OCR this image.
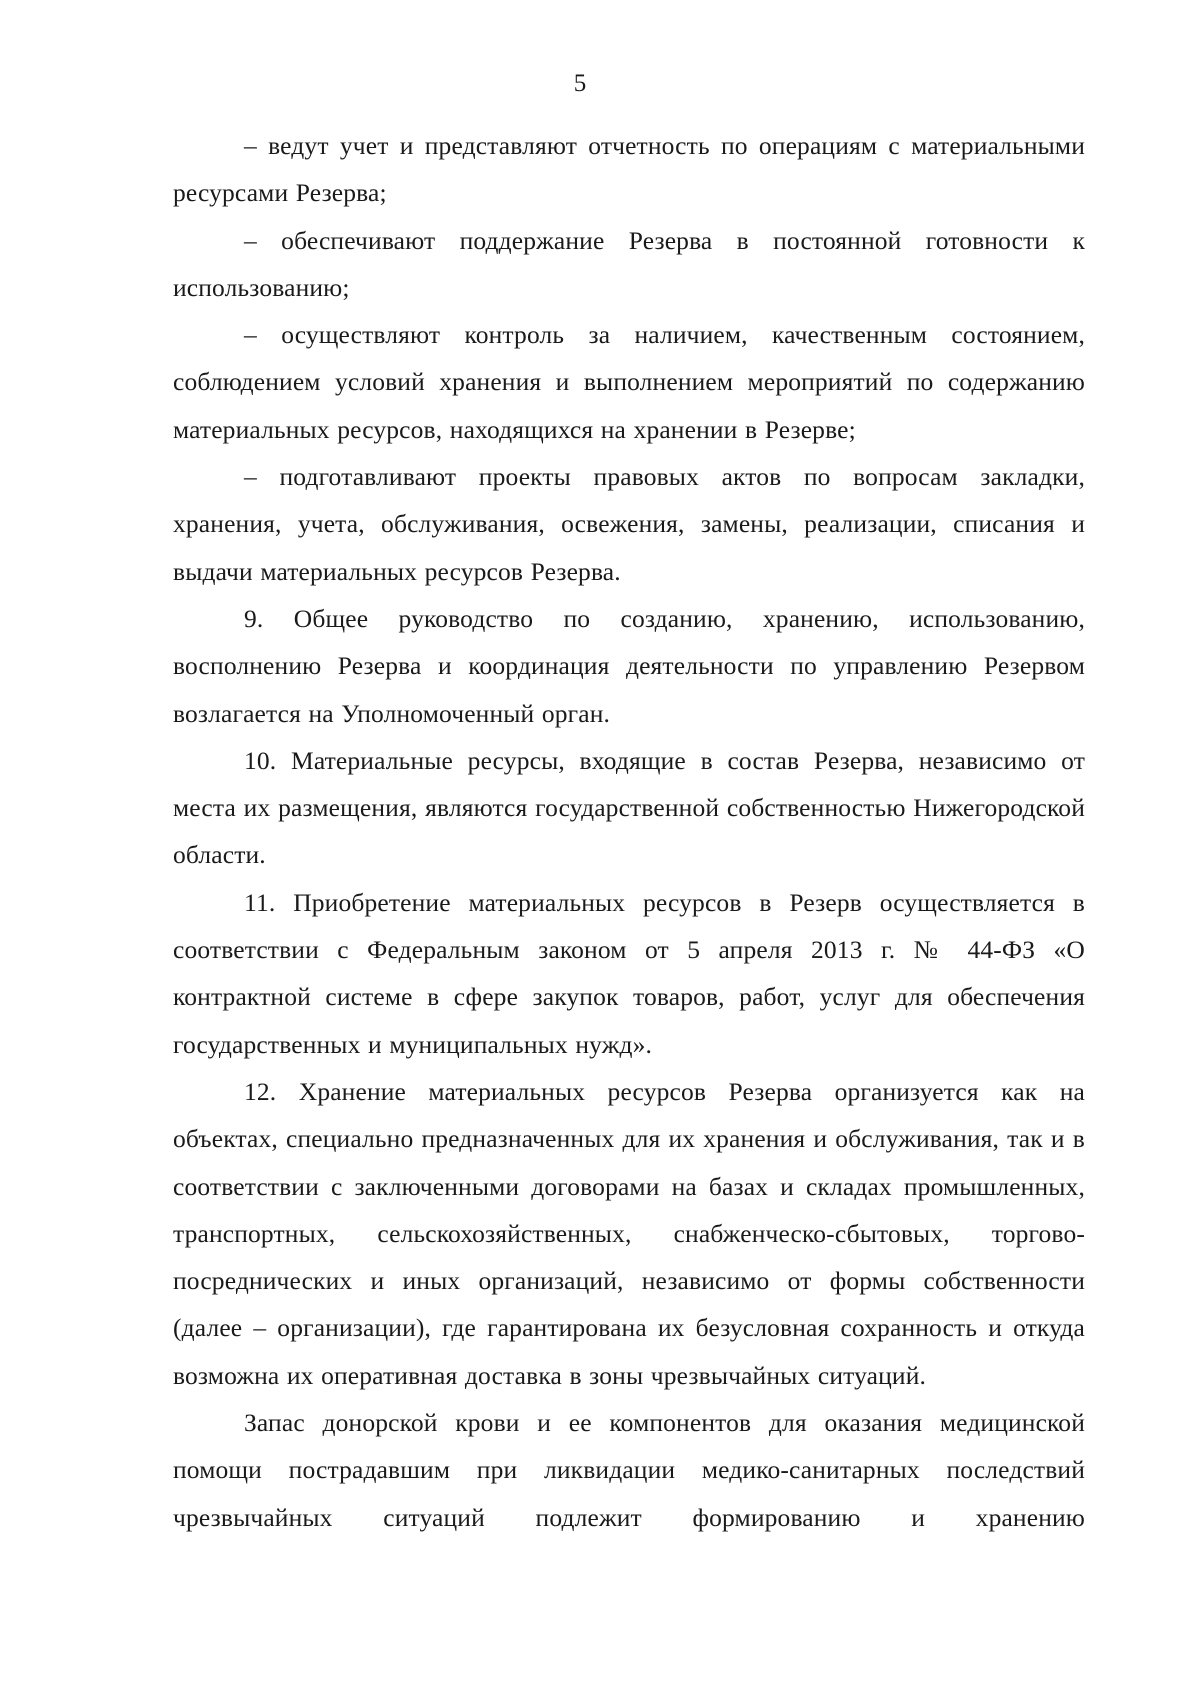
5

– ведут учет и представляют отчетность по операциям с материальными ресурсами Резерва;

– обеспечивают поддержание Резерва в постоянной готовности к использованию;

– осуществляют контроль за наличием, качественным состоянием, соблюдением условий хранения и выполнением мероприятий по содержанию материальных ресурсов, находящихся на хранении в Резерве;

– подготавливают проекты правовых актов по вопросам закладки, хранения, учета, обслуживания, освежения, замены, реализации, списания и выдачи материальных ресурсов Резерва.

9. Общее руководство по созданию, хранению, использованию, восполнению Резерва и координация деятельности по управлению Резервом возлагается на Уполномоченный орган.

10. Материальные ресурсы, входящие в состав Резерва, независимо от места их размещения, являются государственной собственностью Нижегородской области.

11. Приобретение материальных ресурсов в Резерв осуществляется в соответствии с Федеральным законом от 5 апреля 2013 г. № 44-ФЗ «О контрактной системе в сфере закупок товаров, работ, услуг для обеспечения государственных и муниципальных нужд».

12. Хранение материальных ресурсов Резерва организуется как на объектах, специально предназначенных для их хранения и обслуживания, так и в соответствии с заключенными договорами на базах и складах промышленных, транспортных, сельскохозяйственных, снабженческо-сбытовых, торгово-посреднических и иных организаций, независимо от формы собственности (далее – организации), где гарантирована их безусловная сохранность и откуда возможна их оперативная доставка в зоны чрезвычайных ситуаций.

Запас донорской крови и ее компонентов для оказания медицинской помощи пострадавшим при ликвидации медико-санитарных последствий чрезвычайных ситуаций подлежит формированию и хранению
